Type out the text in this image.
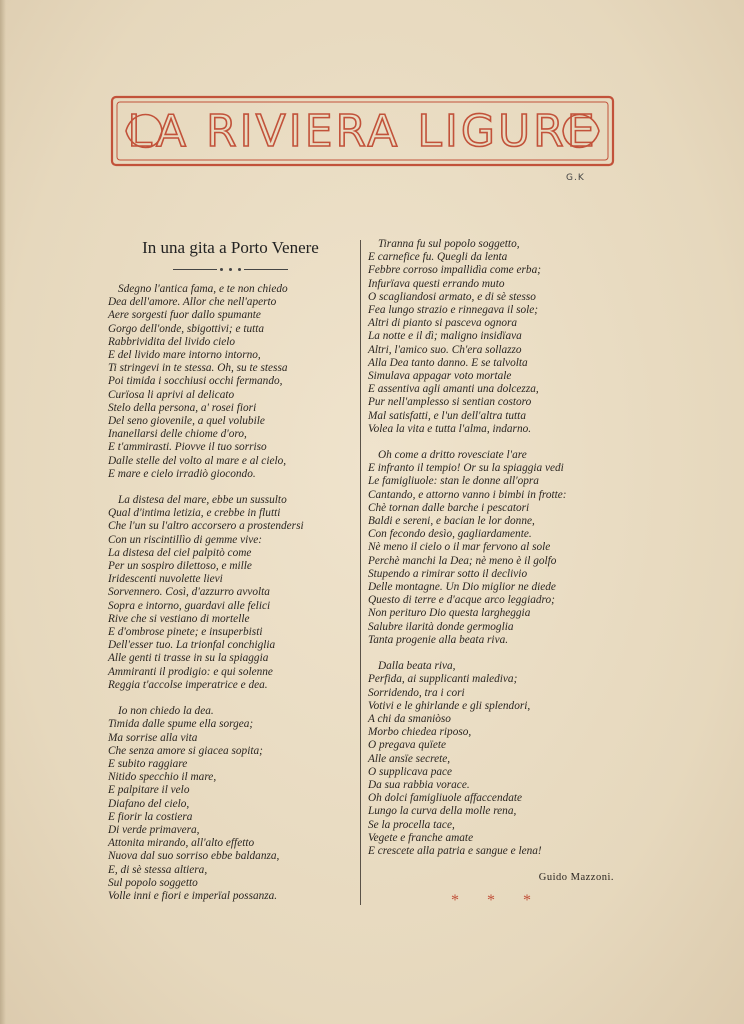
LA RIVIERA LIGURE
G.K
In una gita a Porto Venere
Sdegno l'antica fama, e te non chiedo
Dea dell'amore. Allor che nell'aperto
Aere sorgesti fuor dallo spumante
Gorgo dell'onde, sbigottivi; e tutta
Rabbrividita del livido cielo
E del livido mare intorno intorno,
Ti stringevi in te stessa. Oh, su te stessa
Poi timida i socchiusi occhi fermando,
Curïosa li aprivi al delicato
Stelo della persona, a' rosei fiori
Del seno giovenile, a quel volubile
Inanellarsi delle chiome d'oro,
E t'ammirasti. Piovve il tuo sorriso
Dalle stelle del volto al mare e al cielo,
E mare e cielo irradiò giocondo.
La distesa del mare, ebbe un sussulto
Qual d'intima letizia, e crebbe in flutti
Che l'un su l'altro accorsero a prostendersi
Con un riscintillìo di gemme vive:
La distesa del ciel palpitò come
Per un sospiro dilettoso, e mille
Iridescenti nuvolette lievi
Sorvennero. Così, d'azzurro avvolta
Sopra e intorno, guardavi alle felici
Rive che si vestiano di mortelle
E d'ombrose pinete; e insuperbisti
Dell'esser tuo. La trionfal conchiglia
Alle genti ti trasse in su la spiaggia
Ammiranti il prodigio: e qui solenne
Reggia t'accolse imperatrice e dea.
Io non chiedo la dea.
Timida dalle spume ella sorgea;
Ma sorrise alla vita
Che senza amore si giacea sopita;
E subito raggiare
Nitido specchio il mare,
E palpitare il velo
Diafano del cielo,
E fiorir la costiera
Di verde primavera,
Attonita mirando, all'alto effetto
Nuova dal suo sorriso ebbe baldanza,
E, di sè stessa altiera,
Sul popolo soggetto
Volle inni e fiori e imperïal possanza.
Tiranna fu sul popolo soggetto,
E carnefice fu. Quegli da lenta
Febbre corroso impallidìa come erba;
Infurïava questi errando muto
O scagliandosi armato, e di sè stesso
Fea lungo strazio e rinnegava il sole;
Altri di pianto si pasceva ognora
La notte e il dì; maligno insidïava
Altri, l'amico suo. Ch'era sollazzo
Alla Dea tanto danno. E se talvolta
Simulava appagar voto mortale
E assentiva agli amanti una dolcezza,
Pur nell'amplesso si sentian costoro
Mal satisfatti, e l'un dell'altra tutta
Volea la vita e tutta l'alma, indarno.
Oh come a dritto rovesciate l'are
E infranto il tempio! Or su la spiaggia vedi
Le famigliuole: stan le donne all'opra
Cantando, e attorno vanno i bimbi in frotte:
Chè tornan dalle barche i pescatori
Baldi e sereni, e bacian le lor donne,
Con fecondo desìo, gagliardamente.
Nè meno il cielo o il mar fervono al sole
Perchè manchi la Dea; nè meno è il golfo
Stupendo a rimirar sotto il declivio
Delle montagne. Un Dio miglior ne diede
Questo di terre e d'acque arco leggiadro;
Non perituro Dio questa largheggia
Salubre ilarità donde germoglia
Tanta progenie alla beata riva.
Dalla beata riva,
Perfida, ai supplicanti malediva;
Sorridendo, tra i cori
Votivi e le ghirlande e gli splendori,
A chi da smaniòso
Morbo chiedea riposo,
O pregava quïete
Alle ansïe secrete,
O supplicava pace
Da sua rabbia vorace.
Oh dolci famigliuole affaccendate
Lungo la curva della molle rena,
Se la procella tace,
Vegete e franche amate
E crescete alla patria e sangue e lena!
Guido Mazzoni.
* * *
